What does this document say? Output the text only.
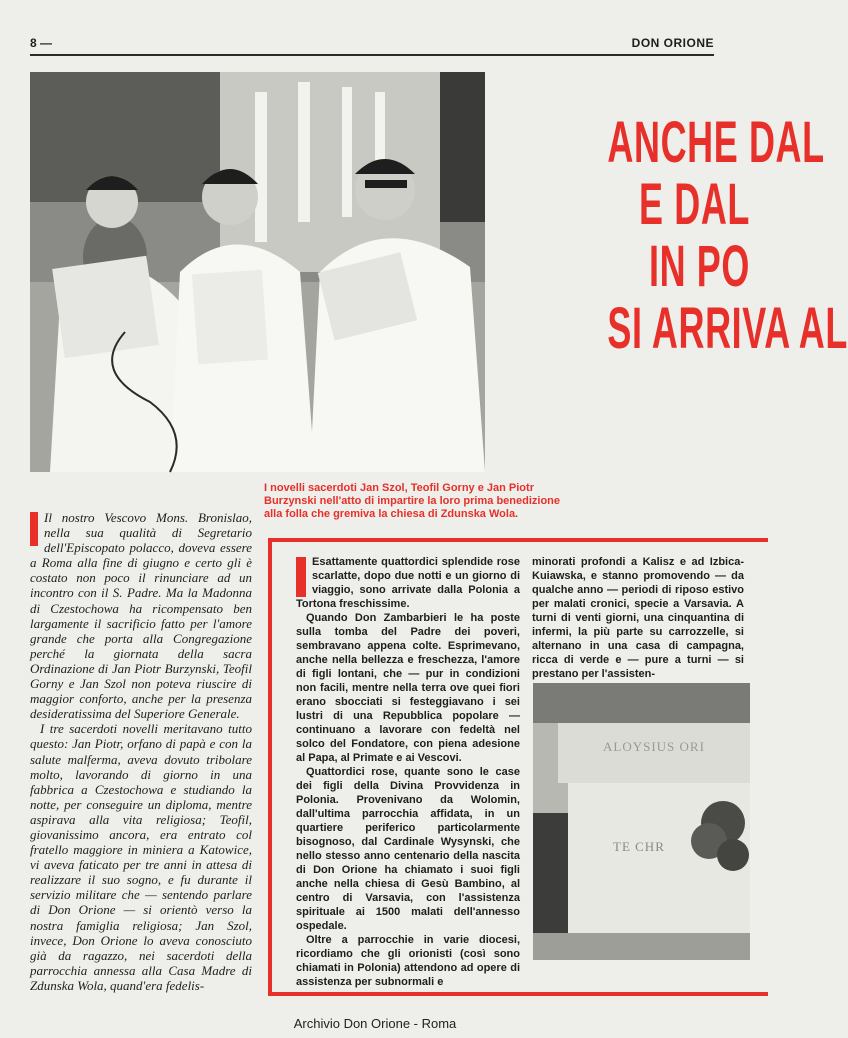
8 —	DON ORIONE
ANCHE DAL
E DAL
IN PO
SI ARRIVA AL
I novelli sacerdoti Jan Szol, Teofil Gorny e Jan Piotr Burzynski nell'atto di impartire la loro prima benedizione alla folla che gremiva la chiesa di Zdunska Wola.

Il nostro Vescovo Mons. Bronislao, nella sua qualità di Segretario dell'Episcopato polacco, doveva essere a Roma alla fine di giugno e certo gli è costato non poco il rinunciare ad un incontro con il S. Padre. Ma la Madonna di Czestochowa ha ricompensato ben largamente il sacrificio fatto per l'amore grande che porta alla Congregazione perché la giornata della sacra Ordinazione di Jan Piotr Burzynski, Teofil Gorny e Jan Szol non poteva riuscire di maggior conforto, anche per la presenza desideratissima del Superiore Generale.

I tre sacerdoti novelli meritavano tutto questo: Jan Piotr, orfano di papà e con la salute malferma, aveva dovuto tribolare molto, lavorando di giorno in una fabbrica a Czestochowa e studiando la notte, per conseguire un diploma, mentre aspirava alla vita religiosa; Teofil, giovanissimo ancora, era entrato col fratello maggiore in miniera a Katowice, vi aveva faticato per tre anni in attesa di realizzare il suo sogno, e fu durante il servizio militare che — sentendo parlare di Don Orione — si orientò verso la nostra famiglia religiosa; Jan Szol, invece, Don Orione lo aveva conosciuto già da ragazzo, nei sacerdoti della parrocchia annessa alla Casa Madre di Zdunska Wola, quand'era fedelis-

Esattamente quattordici splendide rose scarlatte, dopo due notti e un giorno di viaggio, sono arrivate dalla Polonia a Tortona freschissime.

Quando Don Zambarbieri le ha poste sulla tomba del Padre dei poveri, sembravano appena colte. Esprimevano, anche nella bellezza e freschezza, l'amore di figli lontani, che — pur in condizioni non facili, mentre nella terra ove quei fiori erano sbocciati si festeggiavano i sei lustri di una Repubblica popolare — continuano a lavorare con fedeltà nel solco del Fondatore, con piena adesione al Papa, al Primate e ai Vescovi.

Quattordici rose, quante sono le case dei figli della Divina Provvidenza in Polonia. Provenivano da Wolomin, dall'ultima parrocchia affidata, in un quartiere periferico particolarmente bisognoso, dal Cardinale Wysynski, che nello stesso anno centenario della nascita di Don Orione ha chiamato i suoi figli anche nella chiesa di Gesù Bambino, al centro di Varsavia, con l'assistenza spirituale ai 1500 malati dell'annesso ospedale.

Oltre a parrocchie in varie diocesi, ricordiamo che gli orionisti (così sono chiamati in Polonia) attendono ad opere di assistenza per subnormali e

minorati profondi a Kalisz e ad Izbica-Kuiawska, e stanno promovendo — da qualche anno — periodi di riposo estivo per malati cronici, specie a Varsavia. A turni di venti giorni, una cinquantina di infermi, la più parte su carrozzelle, si alternano in una casa di campagna, ricca di verde e — pure a turni — si prestano per l'assisten-

ALOYSIUS ORI
TE CHR
Archivio Don Orione - Roma
